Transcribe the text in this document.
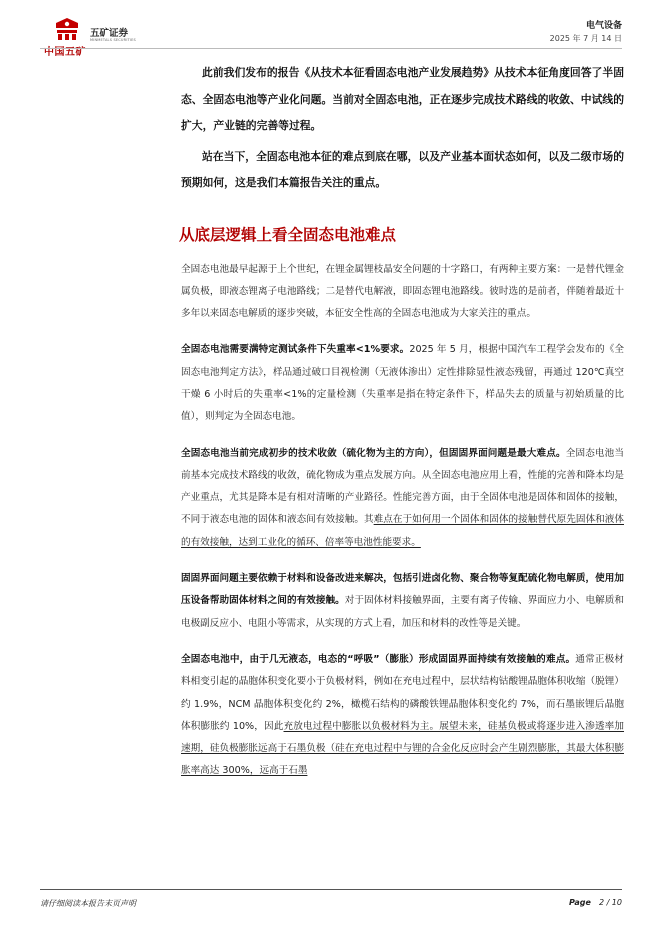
中国五矿
五矿证券
MINMETALS SECURITIES
电气设备
2025 年 7 月 14 日

此前我们发布的报告《从技术本征看固态电池产业发展趋势》从技术本征角度回答了半固态、全固态电池等产业化问题。当前对全固态电池，正在逐步完成技术路线的收敛、中试线的扩大，产业链的完善等过程。

站在当下，全固态电池本征的难点到底在哪，以及产业基本面状态如何，以及二级市场的预期如何，这是我们本篇报告关注的重点。

从底层逻辑上看全固态电池难点

全固态电池最早起源于上个世纪，在锂金属锂枝晶安全问题的十字路口，有两种主要方案：一是替代锂金属负极，即液态锂离子电池路线；二是替代电解液，即固态锂电池路线。彼时选的是前者，伴随着最近十多年以来固态电解质的逐步突破，本征安全性高的全固态电池成为大家关注的重点。

全固态电池需要满特定测试条件下失重率<1%要求。2025 年 5 月，根据中国汽车工程学会发布的《全固态电池判定方法》，样品通过破口目视检测（无液体渗出）定性排除显性液态残留，再通过 120℃真空干燥 6 小时后的失重率<1%的定量检测（失重率是指在特定条件下，样品失去的质量与初始质量的比值），则判定为全固态电池。

全固态电池当前完成初步的技术收敛（硫化物为主的方向），但固固界面问题是最大难点。全固态电池当前基本完成技术路线的收敛，硫化物成为重点发展方向。从全固态电池应用上看，性能的完善和降本均是产业重点，尤其是降本是有相对清晰的产业路径。性能完善方面，由于全固体电池是固体和固体的接触，不同于液态电池的固体和液态间有效接触。其难点在于如何用一个固体和固体的接触替代原先固体和液体的有效接触，达到工业化的循环、倍率等电池性能要求。

固固界面问题主要依赖于材料和设备改进来解决，包括引进卤化物、聚合物等复配硫化物电解质，使用加压设备帮助固体材料之间的有效接触。对于固体材料接触界面，主要有离子传输、界面应力小、电解质和电极副反应小、电阻小等需求，从实现的方式上看，加压和材料的改性等是关键。

全固态电池中，由于几无液态，电态的“呼吸”（膨胀）形成固固界面持续有效接触的难点。通常正极材料相变引起的晶胞体积变化要小于负极材料，例如在充电过程中，层状结构钴酸锂晶胞体积收缩（脱锂）约 1.9%，NCM 晶胞体积变化约 2%，橄榄石结构的磷酸铁锂晶胞体积变化约 7%，而石墨嵌锂后晶胞体积膨胀约 10%，因此充放电过程中膨胀以负极材料为主。展望未来，硅基负极或将逐步进入渗透率加速期，硅负极膨胀远高于石墨负极（硅在充电过程中与锂的合金化反应时会产生剧烈膨胀，其最大体积膨胀率高达 300%，远高于石墨

请仔细阅读本报告末页声明	Page 2 / 10
